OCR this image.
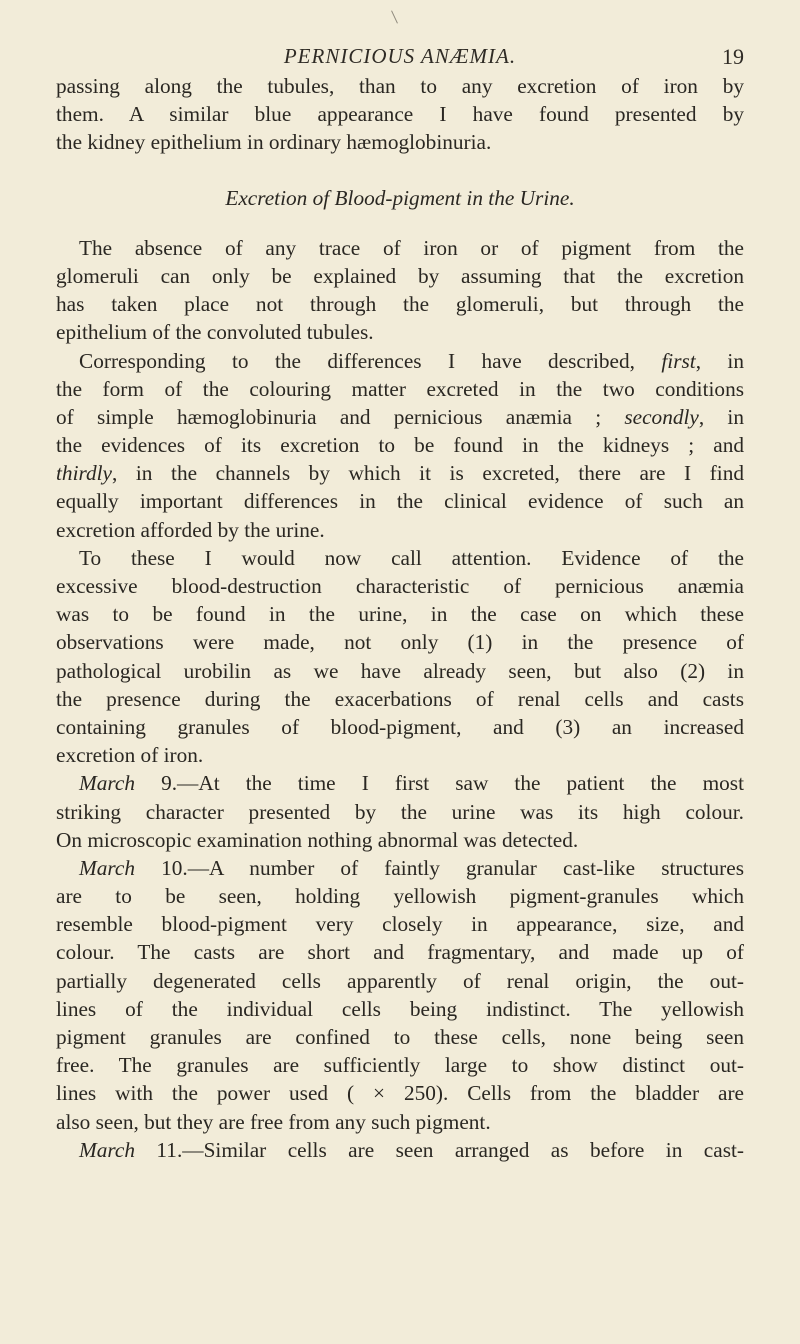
PERNICIOUS ANÆMIA.	19
passing along the tubules, than to any excretion of iron by
them. A similar blue appearance I have found presented by
the kidney epithelium in ordinary hæmoglobinuria.
Excretion of Blood-pigment in the Urine.
The absence of any trace of iron or of pigment from the
glomeruli can only be explained by assuming that the excretion
has taken place not through the glomeruli, but through the
epithelium of the convoluted tubules.
Corresponding to the differences I have described, first, in
the form of the colouring matter excreted in the two conditions
of simple hæmoglobinuria and pernicious anæmia ; secondly, in
the evidences of its excretion to be found in the kidneys ; and
thirdly, in the channels by which it is excreted, there are I find
equally important differences in the clinical evidence of such an
excretion afforded by the urine.
To these I would now call attention. Evidence of the
excessive blood-destruction characteristic of pernicious anæmia
was to be found in the urine, in the case on which these
observations were made, not only (1) in the presence of
pathological urobilin as we have already seen, but also (2) in
the presence during the exacerbations of renal cells and casts
containing granules of blood-pigment, and (3) an increased
excretion of iron.
March 9.—At the time I first saw the patient the most
striking character presented by the urine was its high colour.
On microscopic examination nothing abnormal was detected.
March 10.—A number of faintly granular cast-like structures
are to be seen, holding yellowish pigment-granules which
resemble blood-pigment very closely in appearance, size, and
colour. The casts are short and fragmentary, and made up of
partially degenerated cells apparently of renal origin, the out-
lines of the individual cells being indistinct. The yellowish
pigment granules are confined to these cells, none being seen
free. The granules are sufficiently large to show distinct out-
lines with the power used ( × 250). Cells from the bladder are
also seen, but they are free from any such pigment.
March 11.—Similar cells are seen arranged as before in cast-
